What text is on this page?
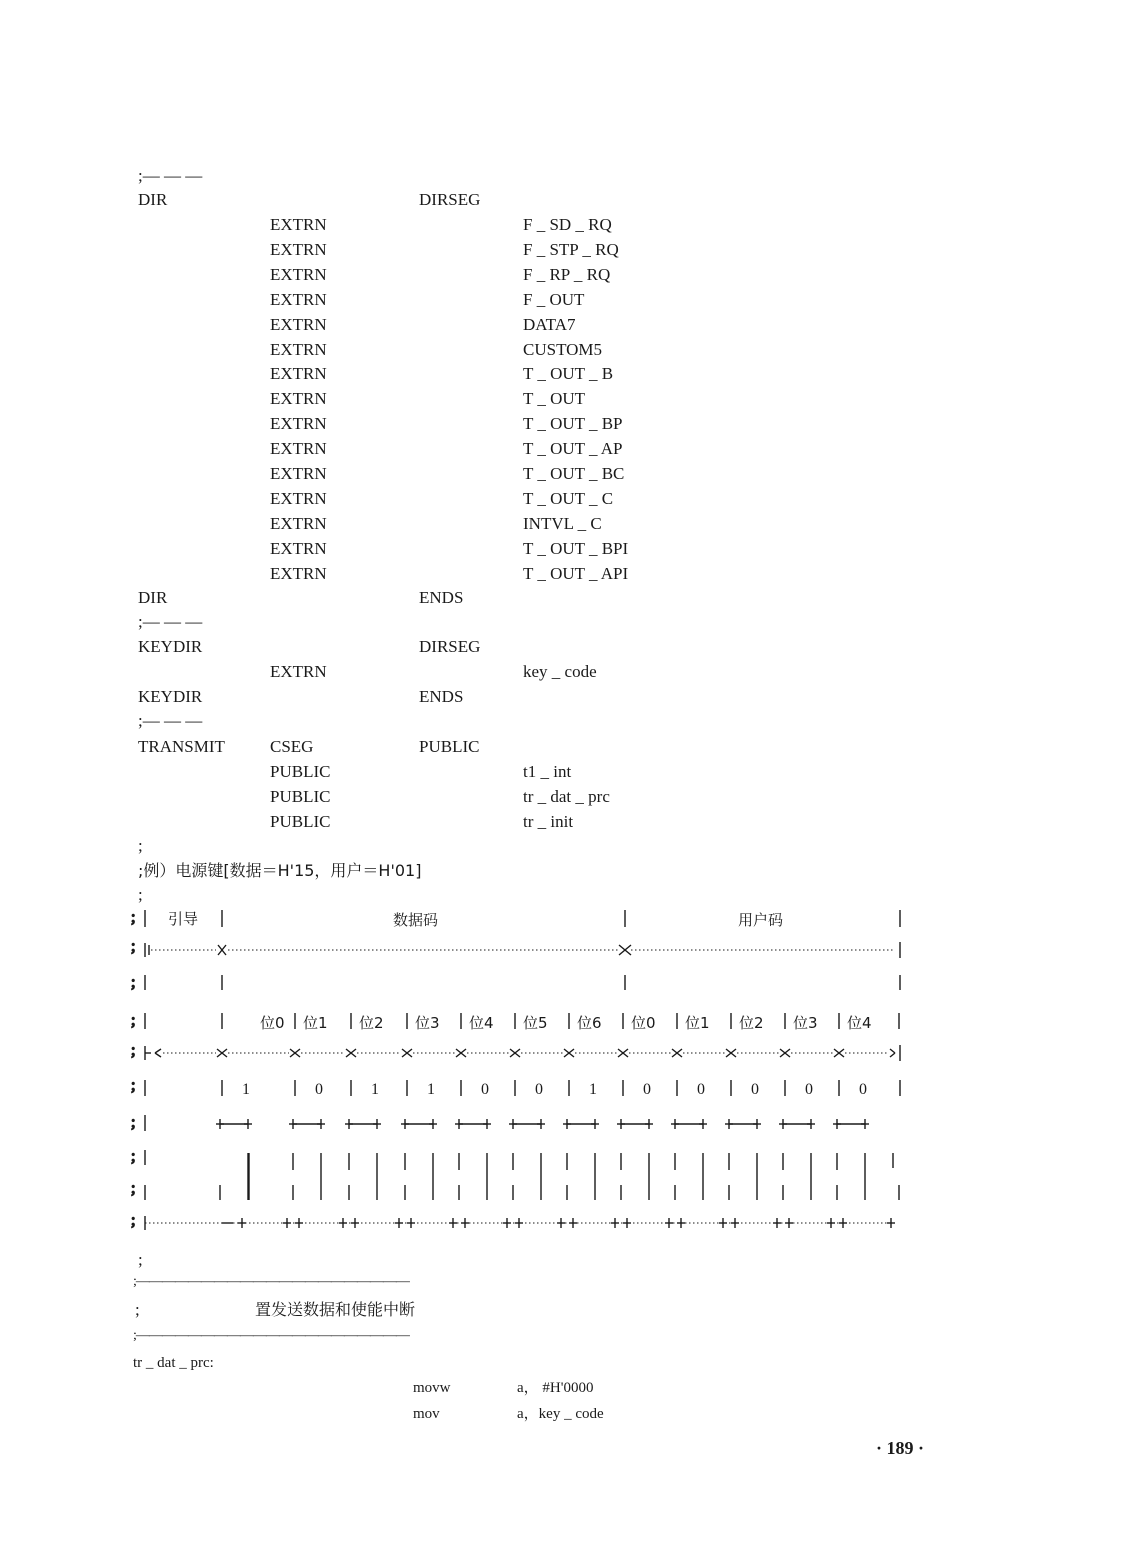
;— — —
DIR	DIRSEG
EXTRN	F _ SD _ RQ
EXTRN	F _ STP _ RQ
EXTRN	F _ RP _ RQ
EXTRN	F _ OUT
EXTRN	DATA7
EXTRN	CUSTOM5
EXTRN	T _ OUT _ B
EXTRN	T _ OUT
EXTRN	T _ OUT _ BP
EXTRN	T _ OUT _ AP
EXTRN	T _ OUT _ BC
EXTRN	T _ OUT _ C
EXTRN	INTVL _ C
EXTRN	T _ OUT _ BPI
EXTRN	T _ OUT _ API
DIR	ENDS
;— — —
KEYDIR	DIRSEG
EXTRN	key _ code
KEYDIR	ENDS
;— — —
TRANSMIT	CSEG	PUBLIC
PUBLIC	t1 _ int
PUBLIC	tr _ dat _ prc
PUBLIC	tr _ init
;
;例）电源键[数据＝H'15，用户＝H'01]
;
;
;
;
;
;
;
;
;
;
;
引导	数据码	用户码
位0 位1 位2 位3 位4 位5 位6 位0 位1 位2 位3 位4
1	0	1	1	0	0	1	0	0	0	0	0
;
;—————————————————————
;	置发送数据和使能中断
;—————————————————————
tr _ dat _ prc:
movw	a， #H'0000
mov	a，key _ code
· 189 ·
